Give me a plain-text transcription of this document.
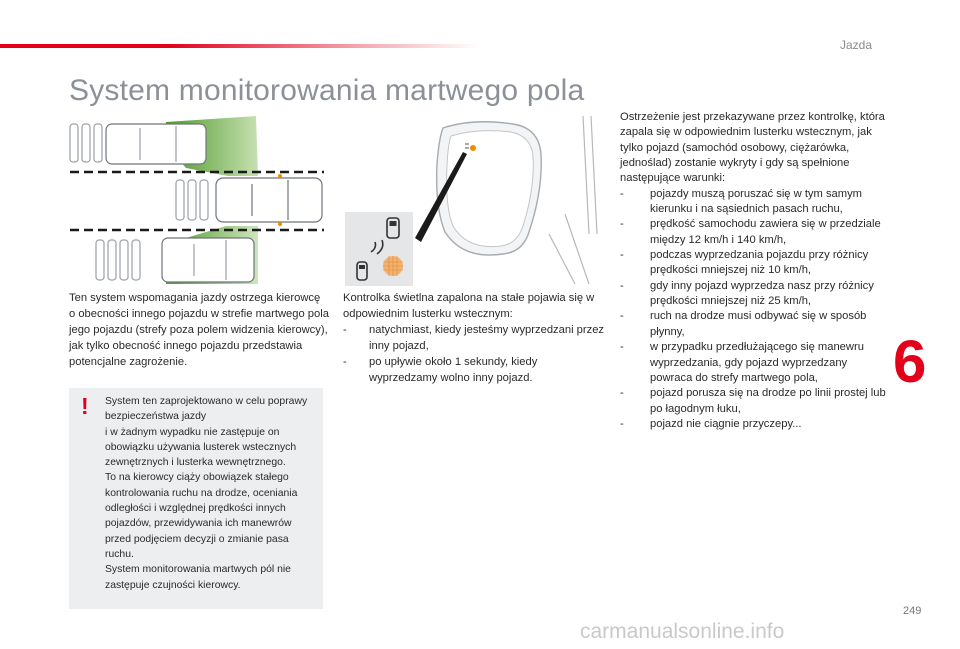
Jazda
System monitorowania martwego pola

Ten system wspomagania jazdy ostrzega kierowcę o obecności innego pojazdu w strefie martwego pola jego pojazdu (strefy poza polem widzenia kierowcy), jak tylko obecność innego pojazdu przedstawia potencjalne zagrożenie.

! System ten zaprojektowano w celu poprawy bezpieczeństwa jazdy
i w żadnym wypadku nie zastępuje on obowiązku używania lusterek wstecznych zewnętrznych i lusterka wewnętrznego.
To na kierowcy ciąży obowiązek stałego kontrolowania ruchu na drodze, oceniania odległości i względnej prędkości innych pojazdów, przewidywania ich manewrów przed podjęciem decyzji o zmianie pasa ruchu.
System monitorowania martwych pól nie zastępuje czujności kierowcy.

Kontrolka świetlna zapalona na stałe pojawia się w odpowiednim lusterku wstecznym:

- natychmiast, kiedy jesteśmy wyprzedzani przez inny pojazd,
- po upływie około 1 sekundy, kiedy wyprzedzamy wolno inny pojazd.

Ostrzeżenie jest przekazywane przez kontrolkę, która zapala się w odpowiednim lusterku wstecznym, jak tylko pojazd (samochód osobowy, ciężarówka, jednoślad) zostanie wykryty i gdy są spełnione następujące warunki:

- pojazdy muszą poruszać się w tym samym kierunku i na sąsiednich pasach ruchu,
- prędkość samochodu zawiera się w przedziale między 12 km/h i 140 km/h,
- podczas wyprzedzania pojazdu przy różnicy prędkości mniejszej niż 10 km/h,
- gdy inny pojazd wyprzedza nasz przy różnicy prędkości mniejszej niż 25 km/h,
- ruch na drodze musi odbywać się w sposób płynny,
- w przypadku przedłużającego się manewru wyprzedzania, gdy pojazd wyprzedzany powraca do strefy martwego pola,
- pojazd porusza się na drodze po linii prostej lub po łagodnym łuku,
- pojazd nie ciągnie przyczepy...
6
249
carmanualsonline.info
